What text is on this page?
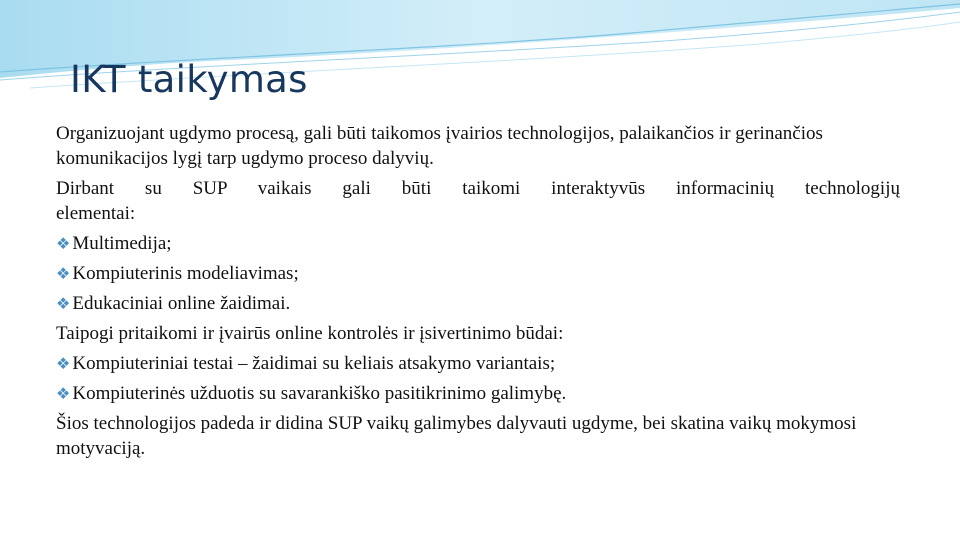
IKT taikymas

Organizuojant ugdymo procesą, gali būti taikomos įvairios technologijos, palaikančios ir gerinančios komunikacijos lygį tarp ugdymo proceso dalyvių.

Dirbant su SUP vaikais gali būti taikomi interaktyvūs informacinių technologijų
elementai:
❖ Multimedija;
❖ Kompiuterinis modeliavimas;
❖ Edukaciniai online žaidimai.

Taipogi pritaikomi ir įvairūs online kontrolės ir įsivertinimo būdai:

❖ Kompiuteriniai testai – žaidimai su keliais atsakymo variantais;
❖ Kompiuterinės užduotis su savarankiško pasitikrinimo galimybę.

Šios technologijos padeda ir didina SUP vaikų galimybes dalyvauti ugdyme, bei skatina vaikų mokymosi motyvaciją.
